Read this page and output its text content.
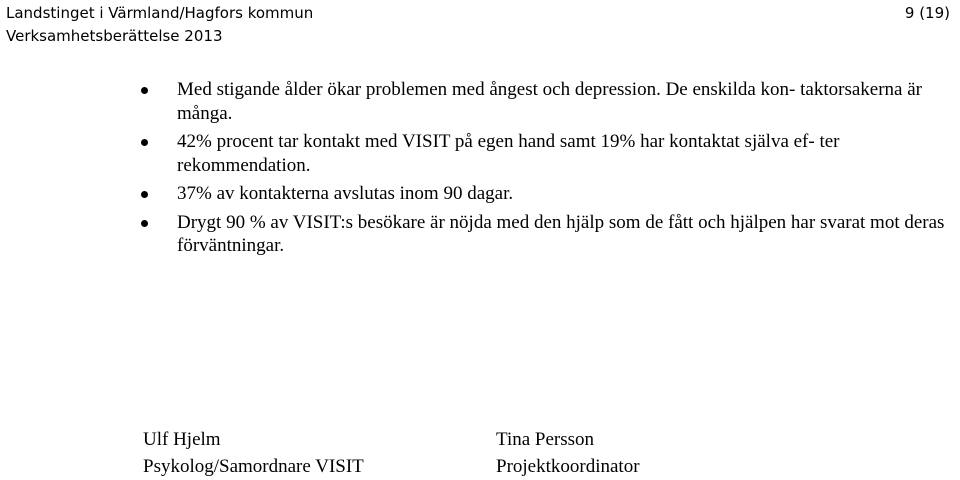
Landstinget i Värmland/Hagfors kommun	9 (19)
Verksamhetsberättelse 2013
Med stigande ålder ökar problemen med ångest och depression. De enskilda kon- taktorsakerna är många.
42% procent tar kontakt med VISIT på egen hand samt 19% har kontaktat själva ef- ter rekommendation.
37% av kontakterna avslutas inom 90 dagar.
Drygt 90 % av VISIT:s besökare är nöjda med den hjälp som de fått och hjälpen har svarat mot deras förväntningar.
Ulf Hjelm
Psykolog/Samordnare VISIT
Tina Persson
Projektkoordinator
